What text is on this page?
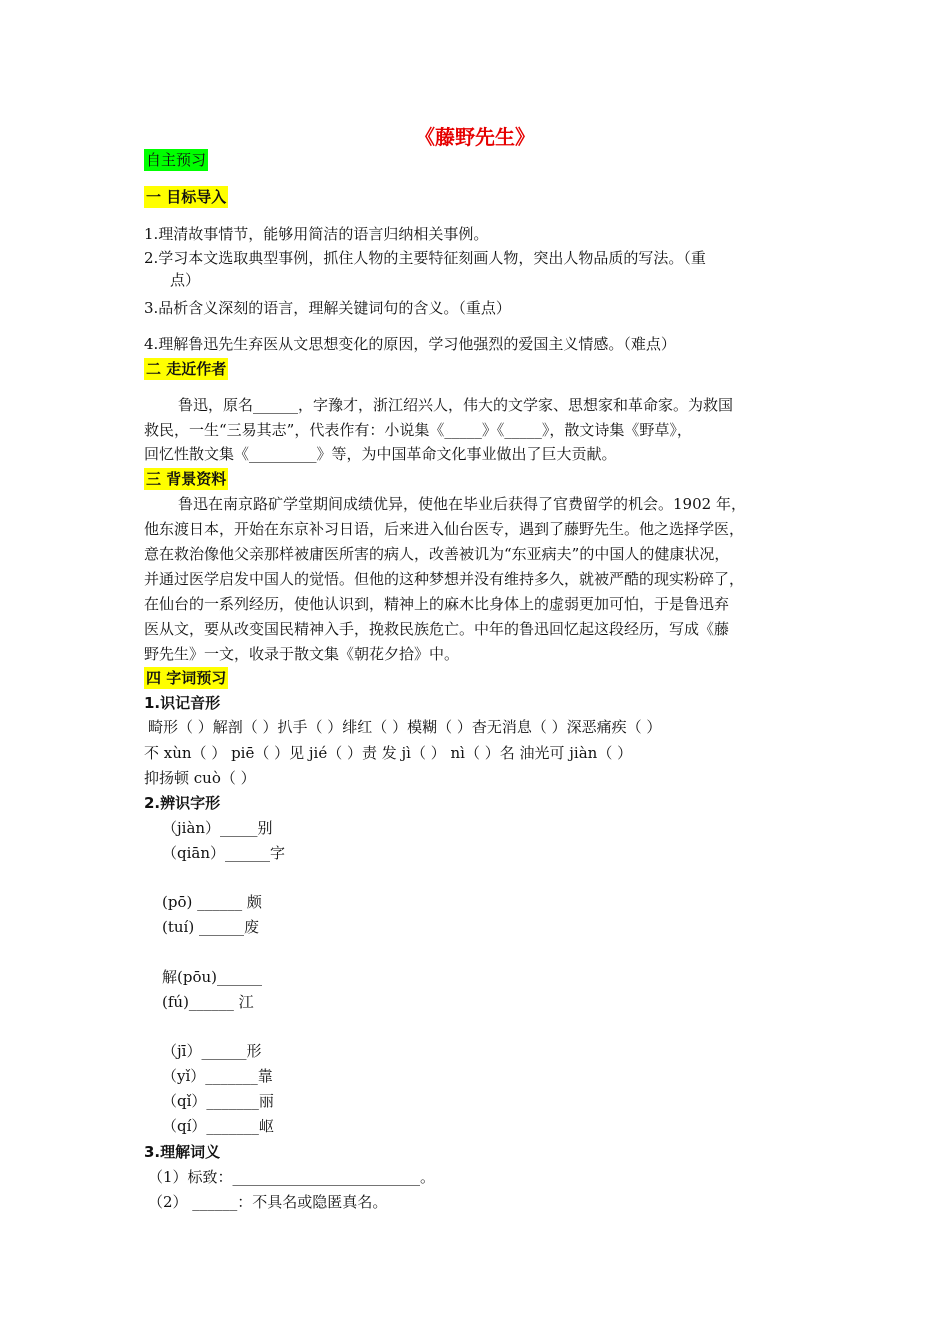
《藤野先生》
自主预习
一 目标导入
1.理清故事情节，能够用简洁的语言归纳相关事例。
2.学习本文选取典型事例，抓住人物的主要特征刻画人物，突出人物品质的写法。（重
点）
3.品析含义深刻的语言，理解关键词句的含义。（重点）
4.理解鲁迅先生弃医从文思想变化的原因，学习他强烈的爱国主义情感。（难点）
二 走近作者
鲁迅，原名______，字豫才，浙江绍兴人，伟大的文学家、思想家和革命家。为救国
救民，一生“三易其志”，代表作有：小说集《_____》《_____》，散文诗集《野草》，
回忆性散文集《_________》等，为中国革命文化事业做出了巨大贡献。
三 背景资料
鲁迅在南京路矿学堂期间成绩优异，使他在毕业后获得了官费留学的机会。1902 年，
他东渡日本，开始在东京补习日语，后来进入仙台医专，遇到了藤野先生。他之选择学医，
意在救治像他父亲那样被庸医所害的病人，改善被讥为“东亚病夫”的中国人的健康状况，
并通过医学启发中国人的觉悟。但他的这种梦想并没有维持多久，就被严酷的现实粉碎了，
在仙台的一系列经历，使他认识到，精神上的麻木比身体上的虚弱更加可怕，于是鲁迅弃
医从文，要从改变国民精神入手，挽救民族危亡。中年的鲁迅回忆起这段经历，写成《藤
野先生》一文，收录于散文集《朝花夕拾》中。
四 字词预习
1.识记音形
畸形（ ）解剖（ ）扒手（ ）绯红（ ）模糊（ ）杳无消息（ ）深恶痛疾（ ）
不 xùn（ ） piē（ ）见 jié（ ）责 发 jì（ ） nì（ ）名 油光可 jiàn（ ）
抑扬顿 cuò（ ）
2.辨识字形
（jiàn）_____别
（qiān）______字
(pō) ______ 颇
(tuí) ______废
解(pōu)______
(fú)______ 江
（jī）______形
（yǐ）_______靠
（qǐ）_______丽
（qí）_______岖
3.理解词义
（1）标致：_________________________。
（2） ______：不具名或隐匿真名。
